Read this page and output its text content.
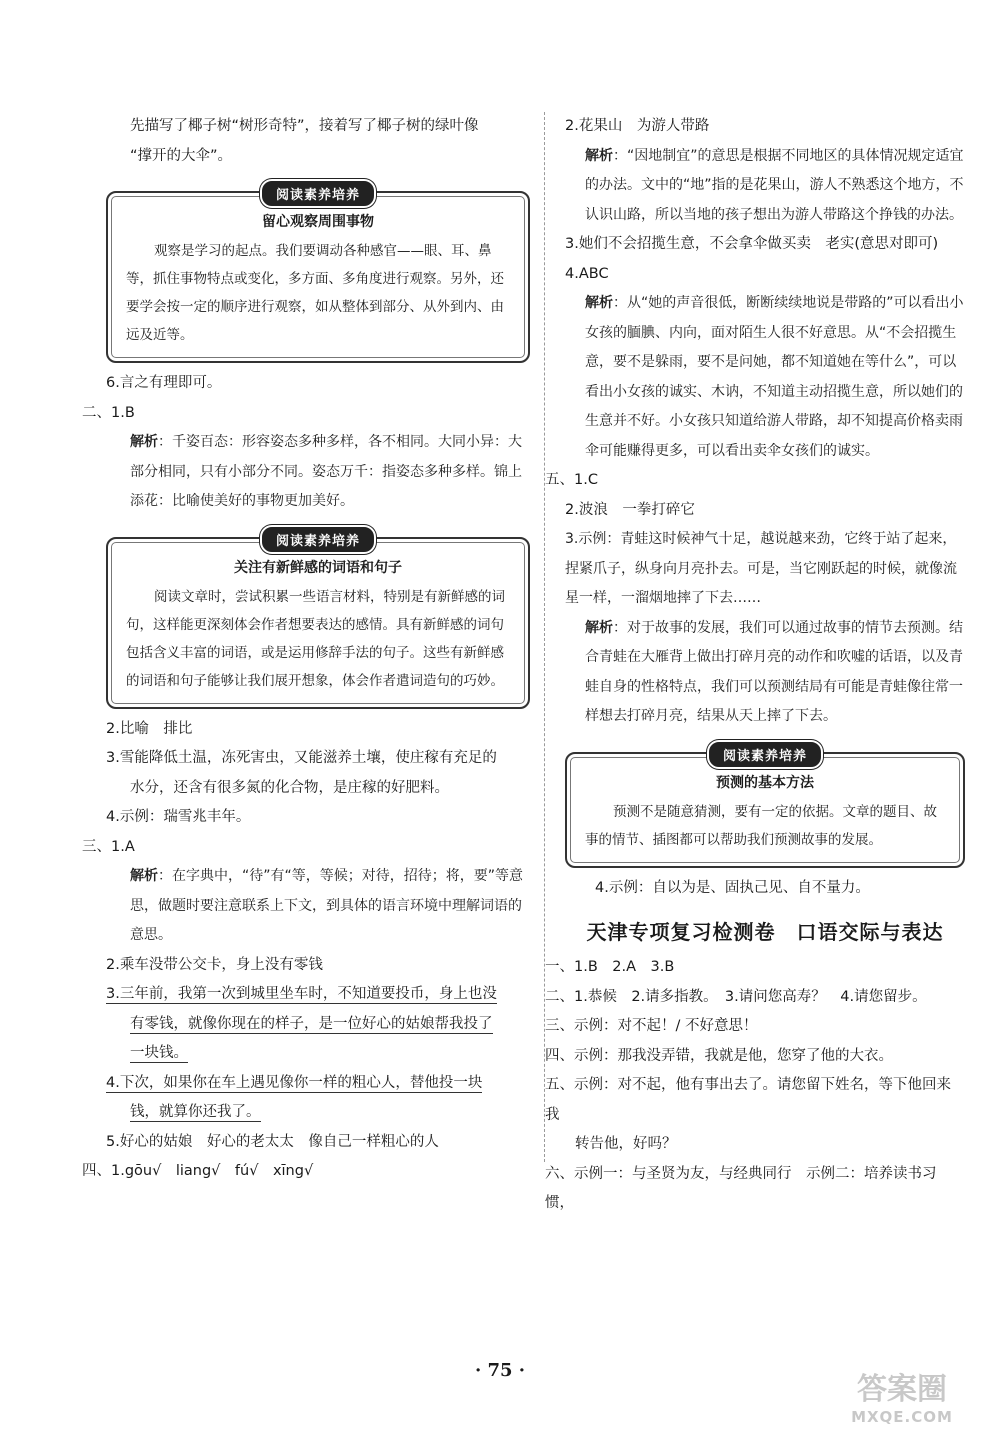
先描写了椰子树“树形奇特”，接着写了椰子树的绿叶像

“撑开的大伞”。

阅读素养培养

留心观察周围事物

观察是学习的起点。我们要调动各种感官——眼、耳、鼻等，抓住事物特点或变化，多方面、多角度进行观察。另外，还要学会按一定的顺序进行观察，如从整体到部分、从外到内、由远及近等。

6.言之有理即可。

二、1.B

解析：千姿百态：形容姿态多种多样，各不相同。大同小异：大部分相同，只有小部分不同。姿态万千：指姿态多种多样。锦上添花：比喻使美好的事物更加美好。

阅读素养培养

关注有新鲜感的词语和句子

阅读文章时，尝试积累一些语言材料，特别是有新鲜感的词句，这样能更深刻体会作者想要表达的感情。具有新鲜感的词句包括含义丰富的词语，或是运用修辞手法的句子。这些有新鲜感的词语和句子能够让我们展开想象，体会作者遣词造句的巧妙。

2.比喻　排比

3.雪能降低土温，冻死害虫，又能滋养土壤，使庄稼有充足的

水分，还含有很多氮的化合物，是庄稼的好肥料。

4.示例：瑞雪兆丰年。

三、1.A

解析：在字典中，“待”有“等，等候；对待，招待；将，要”等意思，做题时要注意联系上下文，到具体的语言环境中理解词语的意思。

2.乘车没带公交卡，身上没有零钱

3.三年前，我第一次到城里坐车时，不知道要投币，身上也没

有零钱，就像你现在的样子，是一位好心的姑娘帮我投了

一块钱。

4.下次，如果你在车上遇见像你一样的粗心人，替他投一块

钱，就算你还我了。

5.好心的姑娘　好心的老太太　像自己一样粗心的人

四、1.gōu√　liang√　fú√　xīng√

2.花果山　为游人带路

解析：“因地制宜”的意思是根据不同地区的具体情况规定适宜的办法。文中的“地”指的是花果山，游人不熟悉这个地方，不认识山路，所以当地的孩子想出为游人带路这个挣钱的办法。

3.她们不会招揽生意，不会拿伞做买卖　老实(意思对即可)

4.ABC

解析：从“她的声音很低，断断续续地说是带路的”可以看出小女孩的腼腆、内向，面对陌生人很不好意思。从“不会招揽生意，要不是躲雨，要不是问她，都不知道她在等什么”，可以看出小女孩的诚实、木讷，不知道主动招揽生意，所以她们的生意并不好。小女孩只知道给游人带路，却不知提高价格卖雨伞可能赚得更多，可以看出卖伞女孩们的诚实。

五、1.C

2.波浪　一拳打碎它

3.示例：青蛙这时候神气十足，越说越来劲，它终于站了起来，捏紧爪子，纵身向月亮扑去。可是，当它刚跃起的时候，就像流星一样，一溜烟地摔了下去……

解析：对于故事的发展，我们可以通过故事的情节去预测。结合青蛙在大雁背上做出打碎月亮的动作和吹嘘的话语，以及青蛙自身的性格特点，我们可以预测结局有可能是青蛙像往常一样想去打碎月亮，结果从天上摔了下去。

阅读素养培养

预测的基本方法

预测不是随意猜测，要有一定的依据。文章的题目、故事的情节、插图都可以帮助我们预测故事的发展。

4.示例：自以为是、固执己见、自不量力。

天津专项复习检测卷　口语交际与表达

一、1.B　2.A　3.B

二、1.恭候　2.请多指教。　3.请问您高寿？　4.请您留步。

三、示例：对不起！/ 不好意思！

四、示例：那我没弄错，我就是他，您穿了他的大衣。

五、示例：对不起，他有事出去了。请您留下姓名，等下他回来我

转告他，好吗？

六、示例一：与圣贤为友，与经典同行　示例二：培养读书习惯，

· 75 ·
答案圈
MXQE.COM
